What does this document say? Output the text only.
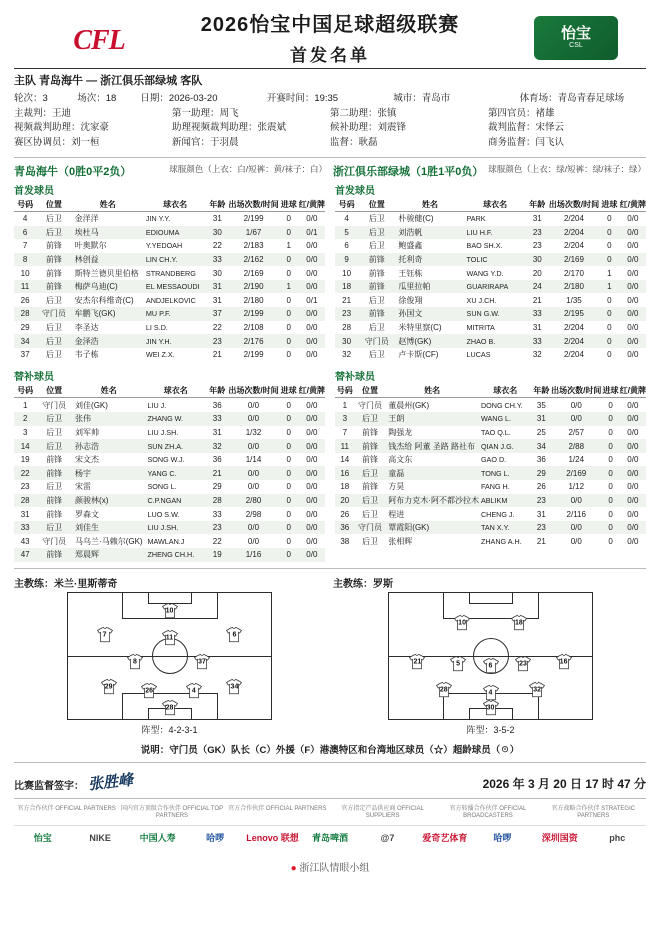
CFL	怡宝
CSL
2026怡宝中国足球超级联赛
首发名单
主队 青岛海牛 — 浙江俱乐部绿城 客队
轮次：3	场次：18	日期：2026-03-20	开赛时间：19:35	城市：青岛市	体育场：青岛青春足球场
主裁判：王迪	第一助理：周飞	第二助理：张镇	第四官员：褚雄
视频裁判助理：沈家豪	助理视频裁判助理：张震斌	候补助理：刘震锋	裁判监督：宋怿云
赛区协调员：刘一桓	新闻官：于羽晨	监督：耿磊	商务监督：闫飞认
球服颜色（上衣：白/短裤：黄/袜子：白）
青岛海牛（0胜0平2负）	球服颜色（上衣：绿/短裤：绿/袜子：绿）
浙江俱乐部绿城（1胜1平0负）
首发球员
号码	位置	姓名	球衣名	年龄	出场次数/时间	进球	红/黄牌
4	后卫	金洋洋	JIN Y.Y.	31	2/199	0	0/0
6	后卫	埃杜马	EDIOUMA	30	1/67	0	0/1
7	前锋	叶奥默尔	Y.YEDOAH	22	2/183	1	0/0
8	前锋	林创益	LIN CH.Y.	33	2/162	0	0/0
10	前锋	斯特兰德贝里伯格	STRANDBERG	30	2/169	0	0/0
11	前锋	梅萨乌迪(C)	EL MESSAOUDI	31	2/190	1	0/0
26	后卫	安杰尔科维奇(C)	ANDJELKOVIC	31	2/180	0	0/1
28	守门员	牟鹏飞(GK)	MU P.F.	37	2/199	0	0/0
29	后卫	李圣达	LI S.D.	22	2/108	0	0/0
34	后卫	金泽浩	JIN Y.H.	23	2/176	0	0/0
37	后卫	韦子栋	WEI Z.X.	21	2/199	0	0/0
首发球员
号码	位置	姓名	球衣名	年龄	出场次数/时间	进球	红/黄牌
4	后卫	朴骏健(C)	PARK	31	2/204	0	0/0
5	后卫	刘浩帆	LIU H.F.	23	2/204	0	0/0
6	后卫	鲍盛鑫	BAO SH.X.	23	2/204	0	0/0
9	前锋	托利奇	TOLIC	30	2/169	0	0/0
10	前锋	王钰栋	WANG Y.D.	20	2/170	1	0/0
18	前锋	瓜里拉帕	GUARIRAPA	24	2/180	1	0/0
21	后卫	徐俊翔	XU J.CH.	21	1/35	0	0/0
23	前锋	孙国文	SUN G.W.	33	2/195	0	0/0
28	后卫	米特里察(C)	MITRITA	31	2/204	0	0/0
30	守门员	赵博(GK)	ZHAO B.	33	2/204	0	0/0
32	后卫	卢卡斯(CF)	LUCAS	32	2/204	0	0/0
替补球员
号码	位置	姓名	球衣名	年龄	出场次数/时间	进球	红/黄牌
1	守门员	刘佳(GK)	LIU J.	36	0/0	0	0/0
2	后卫	张伟	ZHANG W.	33	0/0	0	0/0
3	后卫	刘军帅	LIU J.SH.	31	1/32	0	0/0
14	后卫	孙志浩	SUN ZH.A.	32	0/0	0	0/0
19	前锋	宋文杰	SONG W.J.	36	1/14	0	0/0
22	前锋	杨宇	YANG C.	21	0/0	0	0/0
23	后卫	宋雷	SONG L.	29	0/0	0	0/0
28	前锋	颜骏林(x)	C.P.NGAN	28	2/80	0	0/0
31	前锋	罗森文	LUO S.W.	33	2/98	0	0/0
33	后卫	刘佳生	LIU J.SH.	23	0/0	0	0/0
43	守门员	马乌兰·马赖尔(GK)	MAWLAN.J	22	0/0	0	0/0
47	前锋	郑晨辉	ZHENG CH.H.	19	1/16	0	0/0
替补球员
号码	位置	姓名	球衣名	年龄	出场次数/时间	进球	红/黄牌
1	守门员	董晨州(GK)	DONG CH.Y.	35	0/0	0	0/0
3	后卫	王朗	WANG L.	31	0/0	0	0/0
7	前锋	陶强龙	TAO Q.L.	25	2/57	0	0/0
11	前锋	钱杰给 阿董 圣路 路社布	QIAN J.G.	34	2/88	0	0/0
14	前锋	高文东	GAO D.	36	1/24	0	0/0
16	后卫	童磊	TONG L.	29	2/169	0	0/0
18	前锋	方昊	FANG H.	26	1/12	0	0/0
20	后卫	阿布力克木·阿不都沙拉木	ABLIKM	23	0/0	0	0/0
26	后卫	程进	CHENG J.	31	2/116	0	0/0
36	守门员	覃霞阳(GK)	TAN X.Y.	23	0/0	0	0/0
38	后卫	张相辉	ZHANG A.H.	21	0/0	0	0/0
主教练：米兰·里斯蒂奇	主教练：罗斯
28
29
26	4
34
8	37
7	11	6
10
阵型：4-2-3-1
30
28
4
32
21	5	6	23	16
10	18
阵型：3-5-2
说明：守门员（GK）队长（C）外援（F）港澳特区和台湾地区球员（☆）超龄球员（☉）
比赛监督签字： 张胜峰	2026 年 3 月 20 日 17 时 47 分
官方合作伙伴 OFFICIAL PARTNERS 国内官方顶级合作伙伴 OFFICIAL TOP PARTNERS
官方合作伙伴 OFFICIAL PARTNERS	官方指定产品供应商 OFFICIAL SUPPLIERS
官方转播合作伙伴 OFFICIAL BROADCASTERS
官方战略合作伙伴 STRATEGIC PARTNERS
怡宝	NIKE	中国人寿	哈啰	Lenovo 联想	青岛啤酒	@7	爱奇艺体育	哈啰	深圳国资	phc
● 浙江队情眼小组
